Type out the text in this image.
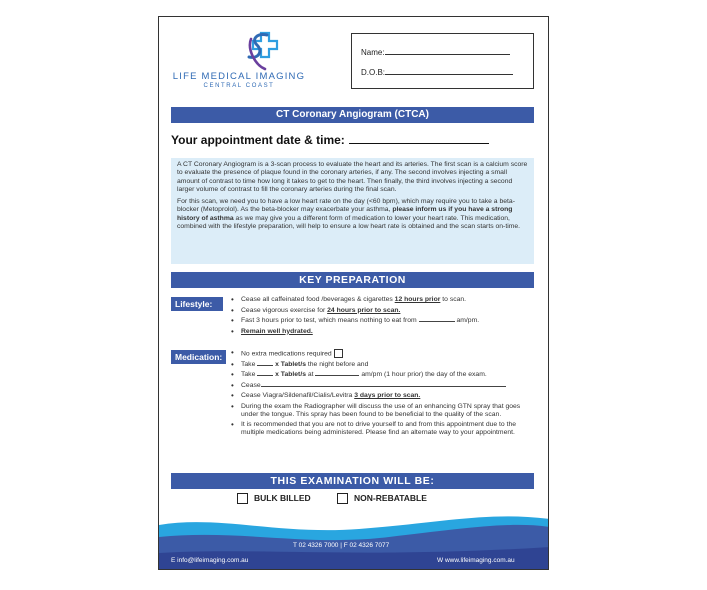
LIFE MEDICAL IMAGING
CENTRAL COAST
Name:
D.O.B:
CT Coronary Angiogram (CTCA)
Your appointment date & time:

A CT Coronary Angiogram is a 3-scan process to evaluate the heart and its arteries. The first scan is a calcium score to evaluate the presence of plaque found in the coronary arteries, if any. The second involves injecting a small amount of contrast to time how long it takes to get to the heart. Then finally, the third involves injecting a second larger volume of contrast to fill the coronary arteries during the final scan.

For this scan, we need you to have a low heart rate on the day (<60 bpm), which may require you to take a beta-blocker (Metoprolol). As the beta-blocker may exacerbate your asthma, please inform us if you have a strong history of asthma as we may give you a different form of medication to lower your heart rate. This medication, combined with the lifestyle preparation, will help to ensure a low heart rate is obtained and the scan starts on-time.

KEY PREPARATION
Lifestyle:	• Cease all caffeinated food /beverages & cigarettes 12 hours prior to scan.
• Cease vigorous exercise for 24 hours prior to scan.
• Fast 3 hours prior to test, which means nothing to eat from	am/pm.
• Remain well hydrated.
Medication:	• No extra medications required
• Take	x Tablet/s the night before and
• Take	x Tablet/s at	am/pm (1 hour prior) the day of the exam.
• Cease
• Cease Viagra/Sildenafil/Cialis/Levitra 3 days prior to scan.
• During the exam the Radiographer will discuss the use of an enhancing GTN spray that goes under the tongue. This spray has been found to be beneficial to the quality of the scan.
• It is recommended that you are not to drive yourself to and from this appointment due to the multiple medications being administered. Please find an alternate way to your appointment.
THIS EXAMINATION WILL BE:
BULK BILLED	NON-REBATABLE
T 02 4326 7000 | F 02 4326 7077
E info@lifeimaging.com.au	W www.lifeimaging.com.au
